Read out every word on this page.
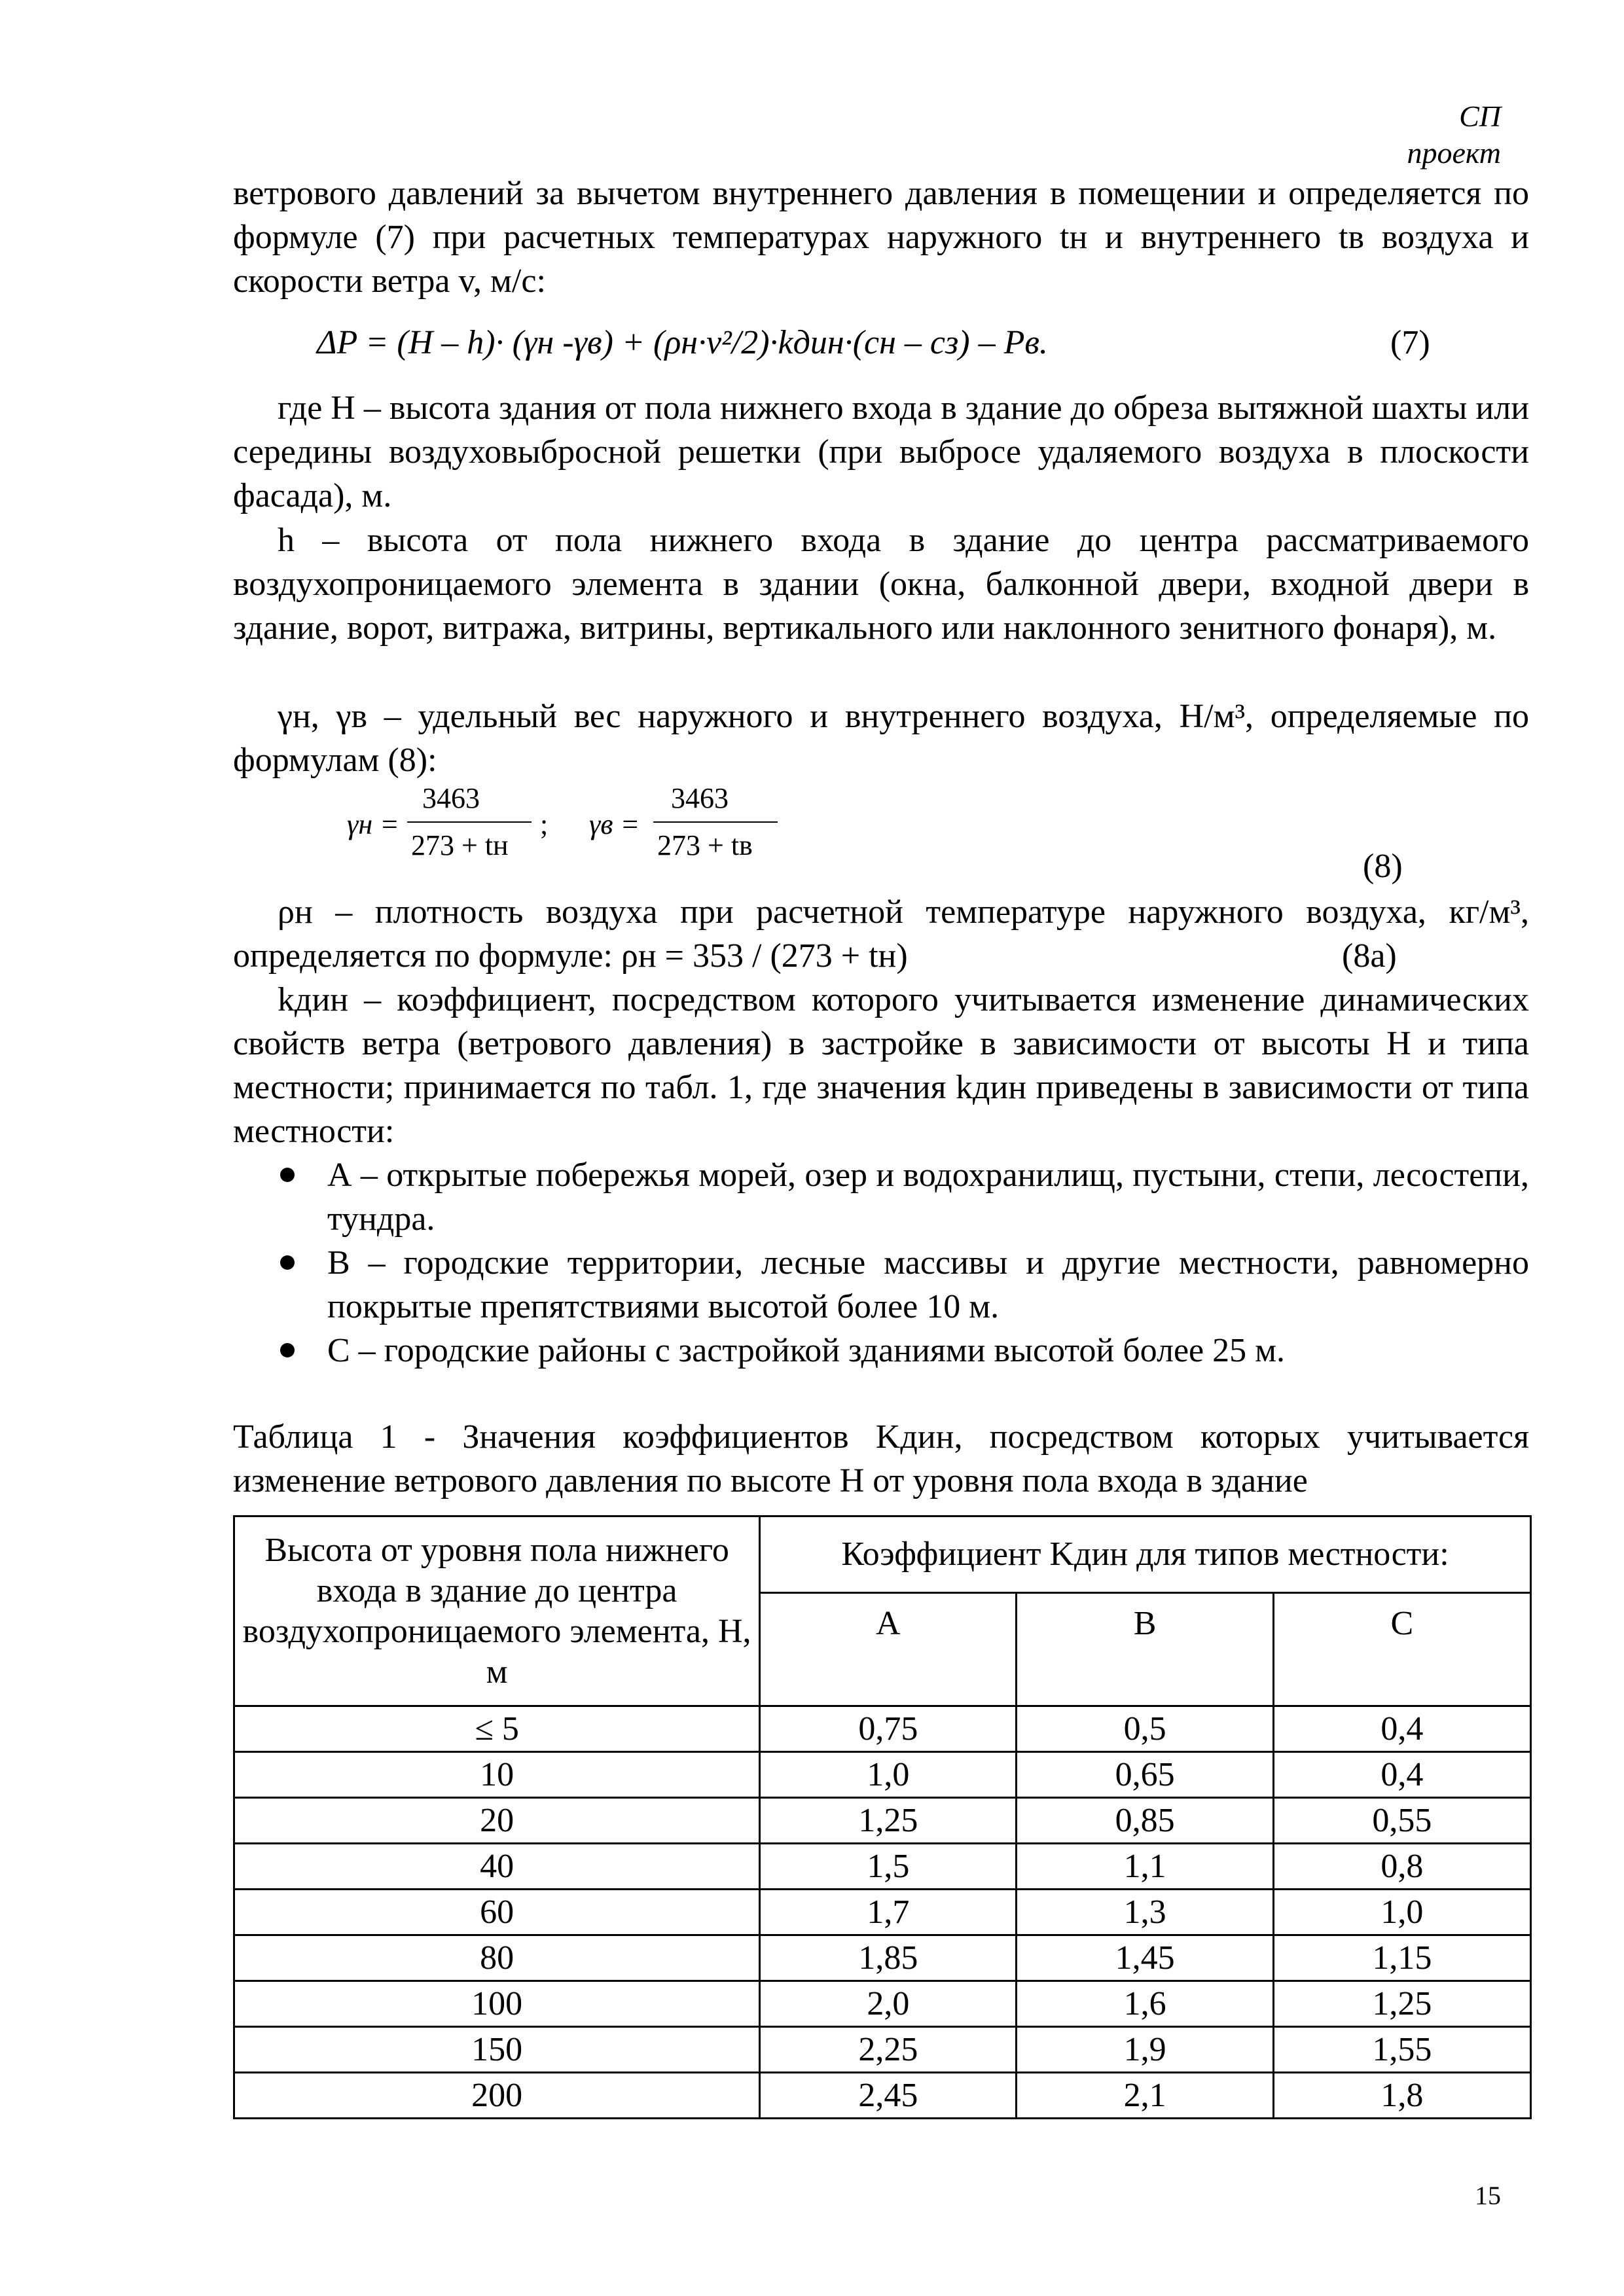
СП
проект
ветрового давлений за вычетом внутреннего давления в помещении и определяется по формуле (7) при расчетных температурах наружного tн и внутреннего tв воздуха и скорости ветра v, м/с:
ΔP = (H – h)· (γн -γв) + (ρн·v²/2)·kдин·(cн – cз) – Pв.	(7)
где H – высота здания от пола нижнего входа в здание до обреза вытяжной шахты или середины воздуховыбросной решетки (при выбросе удаляемого воздуха в плоскости фасада), м.
h – высота от пола нижнего входа в здание до центра рассматриваемого воздухопроницаемого элемента в здании (окна, балконной двери, входной двери в здание, ворот, витража, витрины, вертикального или наклонного зенитного фонаря), м.
γн, γв – удельный вес наружного и внутреннего воздуха, Н/м³, определяемые по формулам (8):
γн =
3463
273 + tн
; γв =
3463
273 + tв
(8)
ρн – плотность воздуха при расчетной температуре наружного воздуха, кг/м³, определяется по формуле: ρн = 353 / (273 + tн)	(8а)
kдин – коэффициент, посредством которого учитывается изменение динамических свойств ветра (ветрового давления) в застройке в зависимости от высоты Н и типа местности; принимается по табл. 1, где значения kдин приведены в зависимости от типа местности:
А – открытые побережья морей, озер и водохранилищ, пустыни, степи, лесостепи, тундра.
В – городские территории, лесные массивы и другие местности, равномерно покрытые препятствиями высотой более 10 м.
С – городские районы с застройкой зданиями высотой более 25 м.
Таблица 1 - Значения коэффициентов Kдин, посредством которых учитывается изменение ветрового давления по высоте Н от уровня пола входа в здание
Высота от уровня пола нижнего входа в здание до центра воздухопроницаемого элемента, Н, м	Коэффициент Kдин для типов местности:		
	А	В	С
≤ 5	0,75	0,5	0,4
10	1,0	0,65	0,4
20	1,25	0,85	0,55
40	1,5	1,1	0,8
60	1,7	1,3	1,0
80	1,85	1,45	1,15
100	2,0	1,6	1,25
150	2,25	1,9	1,55
200	2,45	2,1	1,8
15
